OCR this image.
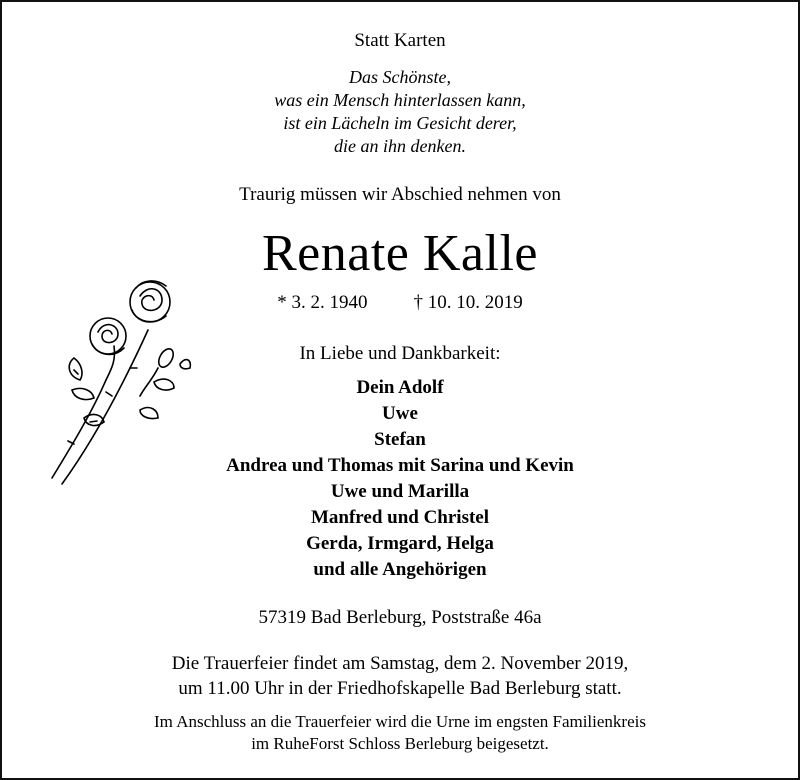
Statt Karten
Das Schönste,
was ein Mensch hinterlassen kann,
ist ein Lächeln im Gesicht derer,
die an ihn denken.
Traurig müssen wir Abschied nehmen von
Renate Kalle
* 3. 2. 1940 † 10. 10. 2019
In Liebe und Dankbarkeit:
Dein Adolf
Uwe
Stefan
Andrea und Thomas mit Sarina und Kevin
Uwe und Marilla
Manfred und Christel
Gerda, Irmgard, Helga
und alle Angehörigen
57319 Bad Berleburg, Poststraße 46a
Die Trauerfeier findet am Samstag, dem 2. November 2019,
um 11.00 Uhr in der Friedhofskapelle Bad Berleburg statt.
Im Anschluss an die Trauerfeier wird die Urne im engsten Familienkreis
im RuheForst Schloss Berleburg beigesetzt.
